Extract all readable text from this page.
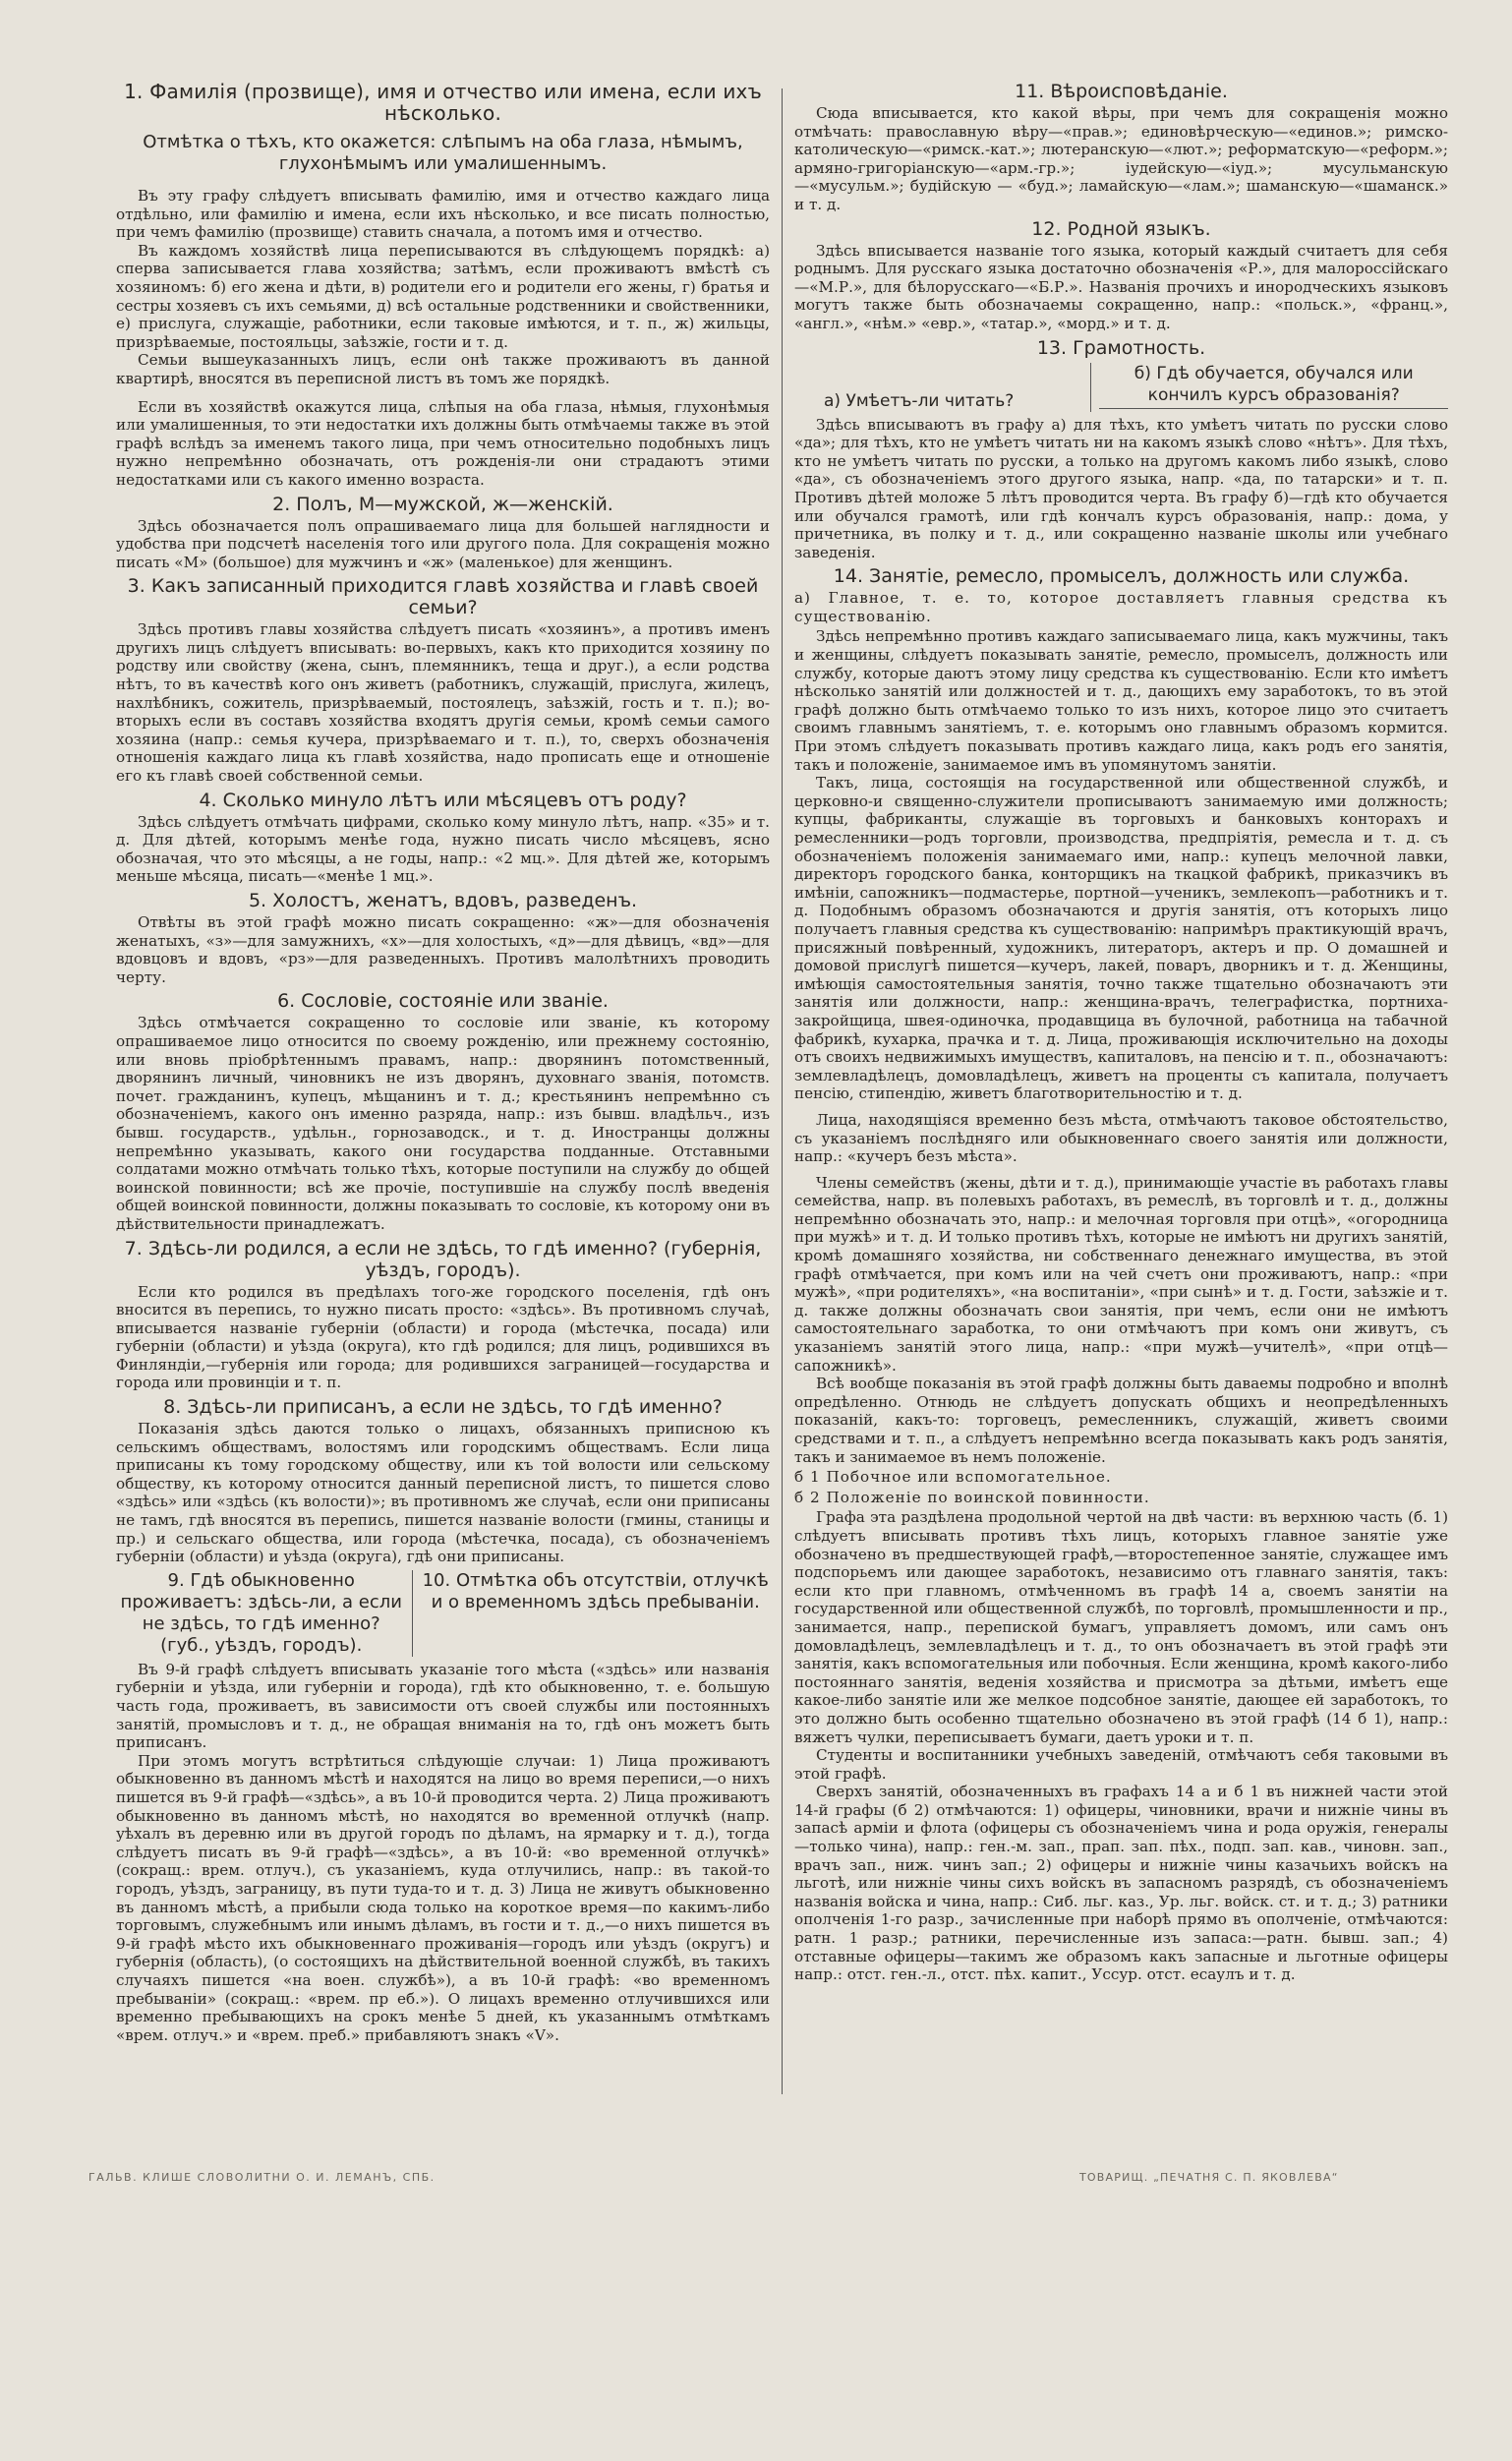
1. Фамилія (прозвище), имя и отчество или имена, если ихъ нѣсколько.
Отмѣтка о тѣхъ, кто окажется: слѣпымъ на оба глаза, нѣмымъ, глухонѣмымъ или умалишеннымъ.

Въ эту графу слѣдуетъ вписывать фамилію, имя и отчество каждаго лица отдѣльно, или фамилію и имена, если ихъ нѣсколько, и все писать полностью, при чемъ фамилію (прозвище) ставить сначала, а потомъ имя и отчество.

Въ каждомъ хозяйствѣ лица переписываются въ слѣдующемъ порядкѣ: а) сперва записывается глава хозяйства; затѣмъ, если проживаютъ вмѣстѣ съ хозяиномъ: б) его жена и дѣти, в) родители его и родители его жены, г) братья и сестры хозяевъ съ ихъ семьями, д) всѣ остальные родственники и свойственники, е) прислуга, служащіе, работники, если таковые имѣются, и т. п., ж) жильцы, призрѣваемые, постояльцы, заѣзжіе, гости и т. д.

Семьи вышеуказанныхъ лицъ, если онѣ также проживаютъ въ данной квартирѣ, вносятся въ переписной листъ въ томъ же порядкѣ.

Если въ хозяйствѣ окажутся лица, слѣпыя на оба глаза, нѣмыя, глухонѣмыя или умалишенныя, то эти недостатки ихъ должны быть отмѣчаемы также въ этой графѣ вслѣдъ за именемъ такого лица, при чемъ относительно подобныхъ лицъ нужно непремѣнно обозначать, отъ рожденія-ли они страдаютъ этими недостатками или съ какого именно возраста.

2. Полъ, М—мужской, ж—женскій.

Здѣсь обозначается полъ опрашиваемаго лица для большей наглядности и удобства при подсчетѣ населенія того или другого пола. Для сокращенія можно писать «М» (большое) для мужчинъ и «ж» (маленькое) для женщинъ.

3. Какъ записанный приходится главѣ хозяйства и главѣ своей семьи?

Здѣсь противъ главы хозяйства слѣдуетъ писать «хозяинъ», а противъ именъ другихъ лицъ слѣдуетъ вписывать: во-первыхъ, какъ кто приходится хозяину по родству или свойству (жена, сынъ, племянникъ, теща и друг.), а если родства нѣтъ, то въ качествѣ кого онъ живетъ (работникъ, служащій, прислуга, жилецъ, нахлѣбникъ, сожитель, призрѣваемый, постоялецъ, заѣзжій, гость и т. п.); во-вторыхъ если въ составъ хозяйства входятъ другія семьи, кромѣ семьи самого хозяина (напр.: семья кучера, призрѣваемаго и т. п.), то, сверхъ обозначенія отношенія каждаго лица къ главѣ хозяйства, надо прописать еще и отношеніе его къ главѣ своей собственной семьи.

4. Сколько минуло лѣтъ или мѣсяцевъ отъ роду?

Здѣсь слѣдуетъ отмѣчать цифрами, сколько кому минуло лѣтъ, напр. «35» и т. д. Для дѣтей, которымъ менѣе года, нужно писать число мѣсяцевъ, ясно обозначая, что это мѣсяцы, а не годы, напр.: «2 мц.». Для дѣтей же, которымъ меньше мѣсяца, писать—«менѣе 1 мц.».

5. Холостъ, женатъ, вдовъ, разведенъ.

Отвѣты въ этой графѣ можно писать сокращенно: «ж»—для обозначенія женатыхъ, «з»—для замужнихъ, «х»—для холостыхъ, «д»—для дѣвицъ, «вд»—для вдовцовъ и вдовъ, «рз»—для разведенныхъ. Противъ малолѣтнихъ проводить черту.

6. Сословіе, состояніе или званіе.

Здѣсь отмѣчается сокращенно то сословіе или званіе, къ которому опрашиваемое лицо относится по своему рожденію, или прежнему состоянію, или вновь пріобрѣтеннымъ правамъ, напр.: дворянинъ потомственный, дворянинъ личный, чиновникъ не изъ дворянъ, духовнаго званія, потомств. почет. гражданинъ, купецъ, мѣщанинъ и т. д.; крестьянинъ непремѣнно съ обозначеніемъ, какого онъ именно разряда, напр.: изъ бывш. владѣльч., изъ бывш. государств., удѣльн., горнозаводск., и т. д. Иностранцы должны непремѣнно указывать, какого они государства подданные. Отставными солдатами можно отмѣчать только тѣхъ, которые поступили на службу до общей воинской повинности; всѣ же прочіе, поступившіе на службу послѣ введенія общей воинской повинности, должны показывать то сословіе, къ которому они въ дѣйствительности принадлежатъ.

7. Здѣсь-ли родился, а если не здѣсь, то гдѣ именно? (губернія, уѣздъ, городъ).

Если кто родился въ предѣлахъ того-же городского поселенія, гдѣ онъ вносится въ перепись, то нужно писать просто: «здѣсь». Въ противномъ случаѣ, вписывается названіе губерніи (области) и города (мѣстечка, посада) или губерніи (области) и уѣзда (округа), кто гдѣ родился; для лицъ, родившихся въ Финляндіи,—губернія или города; для родившихся заграницей—государства и города или провинціи и т. п.

8. Здѣсь-ли приписанъ, а если не здѣсь, то гдѣ именно?

Показанія здѣсь даются только о лицахъ, обязанныхъ приписною къ сельскимъ обществамъ, волостямъ или городскимъ обществамъ. Если лица приписаны къ тому городскому обществу, или къ той волости или сельскому обществу, къ которому относится данный переписной листъ, то пишется слово «здѣсь» или «здѣсь (къ волости)»; въ противномъ же случаѣ, если они приписаны не тамъ, гдѣ вносятся въ перепись, пишется названіе волости (гмины, станицы и пр.) и сельскаго общества, или города (мѣстечка, посада), съ обозначеніемъ губерніи (области) и уѣзда (округа), гдѣ они приписаны.

9. Гдѣ обыкновенно проживаетъ: здѣсь-ли, а если не здѣсь, то гдѣ именно? (губ., уѣздъ, городъ).
10. Отмѣтка объ отсутствіи, отлучкѣ и о временномъ здѣсь пребываніи.

Въ 9-й графѣ слѣдуетъ вписывать указаніе того мѣста («здѣсь» или названія губерніи и уѣзда, или губерніи и города), гдѣ кто обыкновенно, т. е. большую часть года, проживаетъ, въ зависимости отъ своей службы или постоянныхъ занятій, промысловъ и т. д., не обращая вниманія на то, гдѣ онъ можетъ быть приписанъ.

При этомъ могутъ встрѣтиться слѣдующіе случаи: 1) Лица проживаютъ обыкновенно въ данномъ мѣстѣ и находятся на лицо во время переписи,—о нихъ пишется въ 9-й графѣ—«здѣсь», а въ 10-й проводится черта. 2) Лица проживаютъ обыкновенно въ данномъ мѣстѣ, но находятся во временной отлучкѣ (напр. уѣхалъ въ деревню или въ другой городъ по дѣламъ, на ярмарку и т. д.), тогда слѣдуетъ писать въ 9-й графѣ—«здѣсь», а въ 10-й: «во временной отлучкѣ» (сокращ.: врем. отлуч.), съ указаніемъ, куда отлучились, напр.: въ такой-то городъ, уѣздъ, заграницу, въ пути туда-то и т. д. 3) Лица не живутъ обыкновенно въ данномъ мѣстѣ, а прибыли сюда только на короткое время—по какимъ-либо торговымъ, служебнымъ или инымъ дѣламъ, въ гости и т. д.,—о нихъ пишется въ 9-й графѣ мѣсто ихъ обыкновеннаго проживанія—городъ или уѣздъ (округъ) и губернія (область), (о состоящихъ на дѣйствительной военной службѣ, въ такихъ случаяхъ пишется «на воен. службѣ»), а въ 10-й графѣ: «во временномъ пребываніи» (сокращ.: «врем. пр еб.»). О лицахъ временно отлучившихся или временно пребывающихъ на срокъ менѣе 5 дней, къ указаннымъ отмѣткамъ «врем. отлуч.» и «врем. преб.» прибавляютъ знакъ «V».

11. Вѣроисповѣданіе.

Сюда вписывается, кто какой вѣры, при чемъ для сокращенія можно отмѣчать: православную вѣру—«прав.»; единовѣрческую—«единов.»; римско-католическую—«римск.-кат.»; лютеранскую—«лют.»; реформатскую—«реформ.»; армяно-григоріанскую—«арм.-гр.»; іудейскую—«іуд.»; мусульманскую—«мусульм.»; будійскую — «буд.»; ламайскую—«лам.»; шаманскую—«шаманск.» и т. д.

12. Родной языкъ.

Здѣсь вписывается названіе того языка, который каждый считаетъ для себя роднымъ. Для русскаго языка достаточно обозначенія «Р.», для малороссійскаго—«М.Р.», для бѣлорусскаго—«Б.Р.». Названія прочихъ и инородческихъ языковъ могутъ также быть обозначаемы сокращенно, напр.: «польск.», «франц.», «англ.», «нѣм.» «евр.», «татар.», «морд.» и т. д.

13. Грамотность.
а) Умѣетъ-ли читать?
б) Гдѣ обучается, обучался или кончилъ курсъ образованія?

Здѣсь вписываютъ въ графу а) для тѣхъ, кто умѣетъ читать по русски слово «да»; для тѣхъ, кто не умѣетъ читать ни на какомъ языкѣ слово «нѣтъ». Для тѣхъ, кто не умѣетъ читать по русски, а только на другомъ какомъ либо языкѣ, слово «да», съ обозначеніемъ этого другого языка, напр. «да, по татарски» и т. п. Противъ дѣтей моложе 5 лѣтъ проводится черта. Въ графу б)—гдѣ кто обучается или обучался грамотѣ, или гдѣ кончалъ курсъ образованія, напр.: дома, у причетника, въ полку и т. д., или сокращенно названіе школы или учебнаго заведенія.

14. Занятіе, ремесло, промыселъ, должность или служба.

а) Главное, т. е. то, которое доставляетъ главныя средства къ существованію.

Здѣсь непремѣнно противъ каждаго записываемаго лица, какъ мужчины, такъ и женщины, слѣдуетъ показывать занятіе, ремесло, промыселъ, должность или службу, которые даютъ этому лицу средства къ существованію. Если кто имѣетъ нѣсколько занятій или должностей и т. д., дающихъ ему заработокъ, то въ этой графѣ должно быть отмѣчаемо только то изъ нихъ, которое лицо это считаетъ своимъ главнымъ занятіемъ, т. е. которымъ оно главнымъ образомъ кормится. При этомъ слѣдуетъ показывать противъ каждаго лица, какъ родъ его занятія, такъ и положеніе, занимаемое имъ въ упомянутомъ занятіи.

Такъ, лица, состоящія на государственной или общественной службѣ, и церковно-и священно-служители прописываютъ занимаемую ими должность; купцы, фабриканты, служащіе въ торговыхъ и банковыхъ конторахъ и ремесленники—родъ торговли, производства, предпріятія, ремесла и т. д. съ обозначеніемъ положенія занимаемаго ими, напр.: купецъ мелочной лавки, директоръ городского банка, конторщикъ на ткацкой фабрикѣ, приказчикъ въ имѣніи, сапожникъ—подмастерье, портной—ученикъ, землекопъ—работникъ и т. д. Подобнымъ образомъ обозначаются и другія занятія, отъ которыхъ лицо получаетъ главныя средства къ существованію: напримѣръ практикующій врачъ, присяжный повѣренный, художникъ, литераторъ, актеръ и пр. О домашней и домовой прислугѣ пишется—кучеръ, лакей, поваръ, дворникъ и т. д. Женщины, имѣющія самостоятельныя занятія, точно также тщательно обозначаютъ эти занятія или должности, напр.: женщина-врачъ, телеграфистка, портниха-закройщица, швея-одиночка, продавщица въ булочной, работница на табачной фабрикѣ, кухарка, прачка и т. д. Лица, проживающія исключительно на доходы отъ своихъ недвижимыхъ имуществъ, капиталовъ, на пенсію и т. п., обозначаютъ: землевладѣлецъ, домовладѣлецъ, живетъ на проценты съ капитала, получаетъ пенсію, стипендію, живетъ благотворительностію и т. д.

Лица, находящіяся временно безъ мѣста, отмѣчаютъ таковое обстоятельство, съ указаніемъ послѣдняго или обыкновеннаго своего занятія или должности, напр.: «кучеръ безъ мѣста».

Члены семействъ (жены, дѣти и т. д.), принимающіе участіе въ работахъ главы семейства, напр. въ полевыхъ работахъ, въ ремеслѣ, въ торговлѣ и т. д., должны непремѣнно обозначать это, напр.: и мелочная торговля при отцѣ», «огородница при мужѣ» и т. д. И только противъ тѣхъ, которые не имѣютъ ни другихъ занятій, кромѣ домашняго хозяйства, ни собственнаго денежнаго имущества, въ этой графѣ отмѣчается, при комъ или на чей счетъ они проживаютъ, напр.: «при мужѣ», «при родителяхъ», «на воспитаніи», «при сынѣ» и т. д. Гости, заѣзжіе и т. д. также должны обозначать свои занятія, при чемъ, если они не имѣютъ самостоятельнаго заработка, то они отмѣчаютъ при комъ они живутъ, съ указаніемъ занятій этого лица, напр.: «при мужѣ—учителѣ», «при отцѣ—сапожникѣ».

Всѣ вообще показанія въ этой графѣ должны быть даваемы подробно и вполнѣ опредѣленно. Отнюдь не слѣдуетъ допускать общихъ и неопредѣленныхъ показаній, какъ-то: торговецъ, ремесленникъ, служащій, живетъ своими средствами и т. п., а слѣдуетъ непремѣнно всегда показывать какъ родъ занятія, такъ и занимаемое въ немъ положеніе.

б 1 Побочное или вспомогательное.

б 2 Положеніе по воинской повинности.

Графа эта раздѣлена продольной чертой на двѣ части: въ верхнюю часть (б. 1) слѣдуетъ вписывать противъ тѣхъ лицъ, которыхъ главное занятіе уже обозначено въ предшествующей графѣ,—второстепенное занятіе, служащее имъ подспорьемъ или дающее заработокъ, независимо отъ главнаго занятія, такъ: если кто при главномъ, отмѣченномъ въ графѣ 14 а, своемъ занятіи на государственной или общественной службѣ, по торговлѣ, промышленности и пр., занимается, напр., перепиской бумагъ, управляетъ домомъ, или самъ онъ домовладѣлецъ, землевладѣлецъ и т. д., то онъ обозначаетъ въ этой графѣ эти занятія, какъ вспомогательныя или побочныя. Если женщина, кромѣ какого-либо постояннаго занятія, веденія хозяйства и присмотра за дѣтьми, имѣетъ еще какое-либо занятіе или же мелкое подсобное занятіе, дающее ей заработокъ, то это должно быть особенно тщательно обозначено въ этой графѣ (14 б 1), напр.: вяжетъ чулки, переписываетъ бумаги, даетъ уроки и т. п.

Студенты и воспитанники учебныхъ заведеній, отмѣчаютъ себя таковыми въ этой графѣ.

Сверхъ занятій, обозначенныхъ въ графахъ 14 а и б 1 въ нижней части этой 14-й графы (б 2) отмѣчаются: 1) офицеры, чиновники, врачи и нижніе чины въ запасѣ арміи и флота (офицеры съ обозначеніемъ чина и рода оружія, генералы—только чина), напр.: ген.-м. зап., прап. зап. пѣх., подп. зап. кав., чиновн. зап., врачъ зап., ниж. чинъ зап.; 2) офицеры и нижніе чины казачьихъ войскъ на льготѣ, или нижніе чины сихъ войскъ въ запасномъ разрядѣ, съ обозначеніемъ названія войска и чина, напр.: Сиб. льг. каз., Ур. льг. войск. ст. и т. д.; 3) ратники ополченія 1-го разр., зачисленные при наборѣ прямо въ ополченіе, отмѣчаются: ратн. 1 разр.; ратники, перечисленные изъ запаса:—ратн. бывш. зап.; 4) отставные офицеры—такимъ же образомъ какъ запасные и льготные офицеры напр.: отст. ген.-л., отст. пѣх. капит., Уссур. отст. есаулъ и т. д.

ГАЛЬВ. КЛИШЕ СЛОВОЛИТНИ О. И. ЛЕМАНЪ, СПБ.	ТОВАРИЩ. „ПЕЧАТНЯ С. П. ЯКОВЛЕВА“
